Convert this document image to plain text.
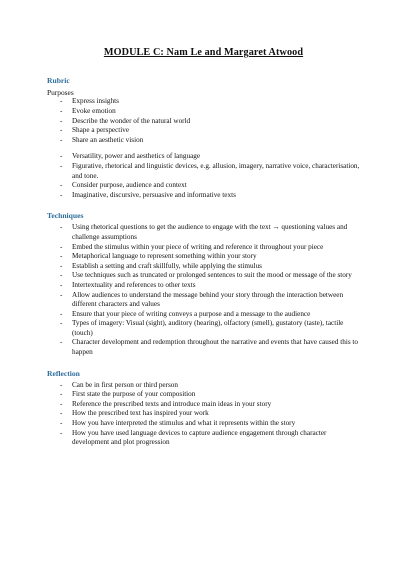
MODULE C: Nam Le and Margaret Atwood
Rubric
Purposes
- Express insights
- Evoke emotion
- Describe the wonder of the natural world
- Shape a perspective
- Share an aesthetic vision
- Versatility, power and aesthetics of language
- Figurative, rhetorical and linguistic devices, e.g. allusion, imagery, narrative voice, characterisation, and tone.
- Consider purpose, audience and context
- Imaginative, discursive, persuasive and informative texts
Techniques
- Using rhetorical questions to get the audience to engage with the text → questioning values and challenge assumptions
- Embed the stimulus within your piece of writing and reference it throughout your piece
- Metaphorical language to represent something within your story
- Establish a setting and craft skillfully, while applying the stimulus
- Use techniques such as truncated or prolonged sentences to suit the mood or message of the story
- Intertextuality and references to other texts
- Allow audiences to understand the message behind your story through the interaction between different characters and values
- Ensure that your piece of writing conveys a purpose and a message to the audience
- Types of imagery: Visual (sight), auditory (hearing), olfactory (smell), gustatory (taste), tactile (touch)
- Character development and redemption throughout the narrative and events that have caused this to happen
Reflection
- Can be in first person or third person
- First state the purpose of your composition
- Reference the prescribed texts and introduce main ideas in your story
- How the prescribed text has inspired your work
- How you have interpreted the stimulus and what it represents within the story
- How you have used language devices to capture audience engagement through character development and plot progression
